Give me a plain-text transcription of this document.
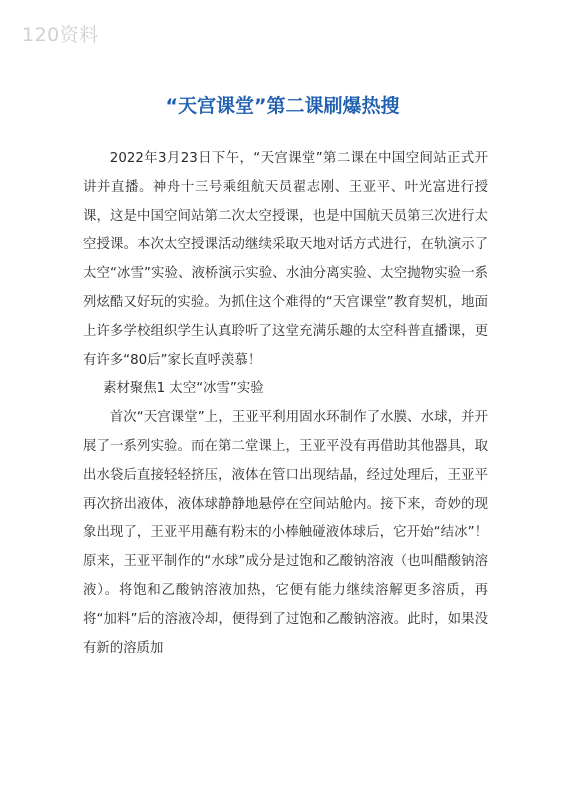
120资料
“天宫课堂”第二课刷爆热搜

2022年3月23日下午，“天宫课堂”第二课在中国空间站正式开讲并直播。神舟十三号乘组航天员翟志刚、王亚平、叶光富进行授课，这是中国空间站第二次太空授课，也是中国航天员第三次进行太空授课。本次太空授课活动继续采取天地对话方式进行，在轨演示了太空“冰雪”实验、液桥演示实验、水油分离实验、太空抛物实验一系列炫酷又好玩的实验。为抓住这个难得的“天宫课堂”教育契机，地面上许多学校组织学生认真聆听了这堂充满乐趣的太空科普直播课，更有许多“80后”家长直呼羡慕！

素材聚焦1 太空“冰雪”实验

首次“天宫课堂”上，王亚平利用固水环制作了水膜、水球，并开展了一系列实验。而在第二堂课上，王亚平没有再借助其他器具，取出水袋后直接轻轻挤压，液体在管口出现结晶，经过处理后，王亚平再次挤出液体，液体球静静地悬停在空间站舱内。接下来，奇妙的现象出现了，王亚平用蘸有粉末的小棒触碰液体球后，它开始“结冰”！原来，王亚平制作的“水球”成分是过饱和乙酸钠溶液（也叫醋酸钠溶液）。将饱和乙酸钠溶液加热，它便有能力继续溶解更多溶质，再将“加料”后的溶液冷却，便得到了过饱和乙酸钠溶液。此时，如果没有新的溶质加
